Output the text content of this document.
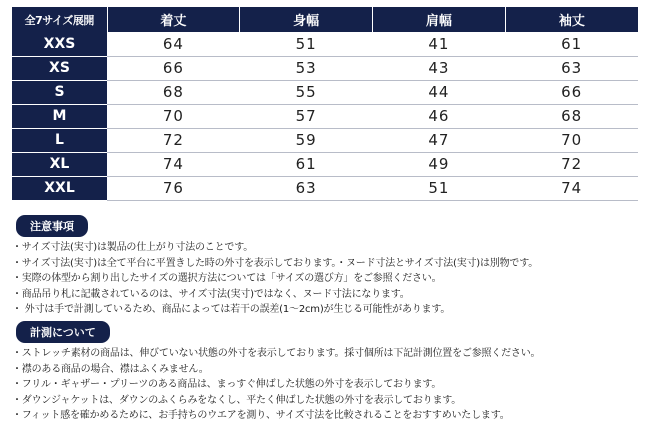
全7サイズ展開	着丈	身幅	肩幅	袖丈
XXS	64	51	41	61
XS	66	53	43	63
S	68	55	44	66
M	70	57	46	68
L	72	59	47	70
XL	74	61	49	72
XXL	76	63	51	74
注意事項
・サイズ寸法(実寸)は製品の仕上がり寸法のことです。
・サイズ寸法(実寸)は全て平台に平置きした時の外寸を表示しております。・ヌード寸法とサイズ寸法(実寸)は別物です。
・実際の体型から割り出したサイズの選択方法については「サイズの選び方」をご参照ください。
・商品吊り札に記載されているのは、サイズ寸法(実寸)ではなく、ヌード寸法になります。
・ 外寸は手で計測しているため、商品によっては若干の誤差(1〜2cm)が生じる可能性があります。
計測について
・ストレッチ素材の商品は、伸びていない状態の外寸を表示しております。採寸個所は下記計測位置をご参照ください。
・襟のある商品の場合、襟はふくみません。
・フリル・ギャザー・プリーツのある商品は、まっすぐ伸ばした状態の外寸を表示しております。
・ダウンジャケットは、ダウンのふくらみをなくし、平たく伸ばした状態の外寸を表示しております。
・フィット感を確かめるために、お手持ちのウエアを測り、サイズ寸法を比較されることをおすすめいたします。
